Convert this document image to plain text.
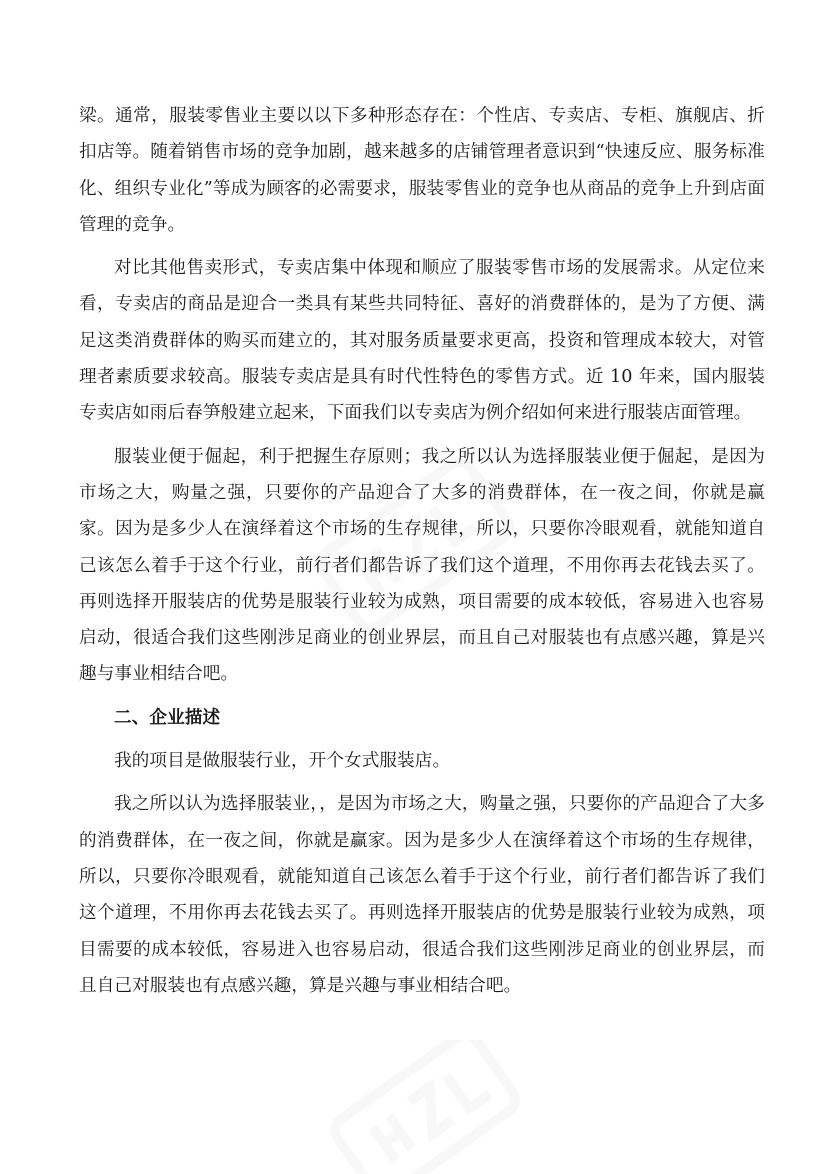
梁。通常，服装零售业主要以以下多种形态存在：个性店、专卖店、专柜、旗舰店、折扣店等。随着销售市场的竞争加剧，越来越多的店铺管理者意识到“快速反应、服务标准化、组织专业化”等成为顾客的必需要求，服装零售业的竞争也从商品的竞争上升到店面管理的竞争。

对比其他售卖形式，专卖店集中体现和顺应了服装零售市场的发展需求。从定位来看，专卖店的商品是迎合一类具有某些共同特征、喜好的消费群体的，是为了方便、满足这类消费群体的购买而建立的，其对服务质量要求更高，投资和管理成本较大，对管理者素质要求较高。服装专卖店是具有时代性特色的零售方式。近 10 年来，国内服装专卖店如雨后春笋般建立起来，下面我们以专卖店为例介绍如何来进行服装店面管理。

服装业便于倔起，利于把握生存原则；我之所以认为选择服装业便于倔起，是因为市场之大，购量之强，只要你的产品迎合了大多的消费群体，在一夜之间，你就是赢家。因为是多少人在演绎着这个市场的生存规律，所以，只要你冷眼观看，就能知道自己该怎么着手于这个行业，前行者们都告诉了我们这个道理，不用你再去花钱去买了。再则选择开服装店的优势是服装行业较为成熟，项目需要的成本较低，容易进入也容易启动，很适合我们这些刚涉足商业的创业界层，而且自己对服装也有点感兴趣，算是兴趣与事业相结合吧。

二、企业描述

我的项目是做服装行业，开个女式服装店。

我之所以认为选择服装业，，是因为市场之大，购量之强，只要你的产品迎合了大多的消费群体，在一夜之间，你就是赢家。因为是多少人在演绎着这个市场的生存规律，所以，只要你冷眼观看，就能知道自己该怎么着手于这个行业，前行者们都告诉了我们这个道理，不用你再去花钱去买了。再则选择开服装店的优势是服装行业较为成熟，项目需要的成本较低，容易进入也容易启动，很适合我们这些刚涉足商业的创业界层，而且自己对服装也有点感兴趣，算是兴趣与事业相结合吧。
